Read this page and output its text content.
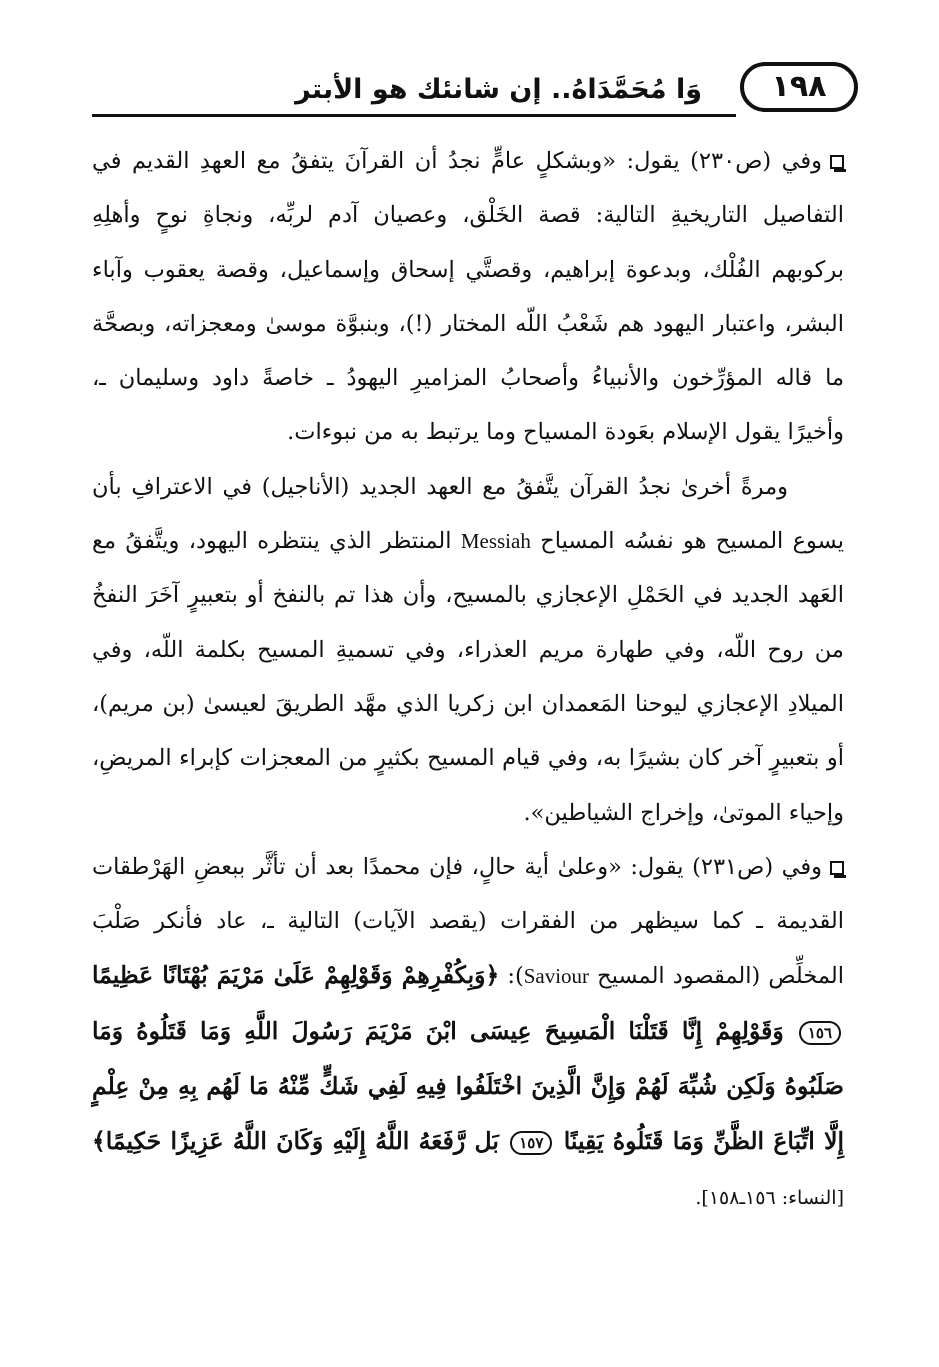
١٩٨
وَا مُحَمَّدَاهُ.. إن شانئك هو الأبتر

وفي (ص٢٣٠) يقول: «وبشكلٍ عامٍّ نجدُ أن القرآنَ يتفقُ مع العهدِ القديم في التفاصيل التاريخيةِ التالية: قصة الخَلْق، وعصيان آدم لربِّه، ونجاةِ نوحٍ وأهلِهِ بركوبهم الفُلْك، وبدعوة إبراهيم، وقصتَّي إسحاق وإسماعيل، وقصة يعقوب وآباء البشر، واعتبار اليهود هم شَعْبُ اللّه المختار (!)، وبنبوَّة موسىٰ ومعجزاته، وبصحَّة ما قاله المؤرِّخون والأنبياءُ وأصحابُ المزاميرِ اليهودُ ـ خاصةً داود وسليمان ـ، وأخيرًا يقول الإسلام بعَودة المسياح وما يرتبط به من نبوءات.

ومرةً أخرىٰ نجدُ القرآن يتَّفقُ مع العهد الجديد (الأناجيل) في الاعترافِ بأن يسوع المسيح هو نفسُه المسياح Messiah المنتظر الذي ينتظره اليهود، ويتَّفقُ مع العَهد الجديد في الحَمْلِ الإعجازي بالمسيح، وأن هذا تم بالنفخ أو بتعبيرٍ آخَرَ النفخُ من روح اللّه، وفي طهارة مريم العذراء، وفي تسميةِ المسيح بكلمة اللّه، وفي الميلادِ الإعجازي ليوحنا المَعمدان ابن زكريا الذي مهَّد الطريقَ لعيسىٰ (بن مريم)، أو بتعبيرٍ آخر كان بشيرًا به، وفي قيام المسيح بكثيرٍ من المعجزات كإبراء المريضِ، وإحياء الموتىٰ، وإخراج الشياطين».

وفي (ص٢٣١) يقول: «وعلىٰ أية حالٍ، فإن محمدًا بعد أن تأثَّر ببعضِ الهَرْطقات القديمة ـ كما سيظهر من الفقرات (يقصد الآيات) التالية ـ، عاد فأنكر صَلْبَ المخلِّص (المقصود المسيح Saviour): ﴿وَبِكُفْرِهِمْ وَقَوْلِهِمْ عَلَىٰ مَرْيَمَ بُهْتَانًا عَظِيمًا ١٥٦ وَقَوْلِهِمْ إِنَّا قَتَلْنَا الْمَسِيحَ عِيسَى ابْنَ مَرْيَمَ رَسُولَ اللَّهِ وَمَا قَتَلُوهُ وَمَا صَلَبُوهُ وَلَكِن شُبِّهَ لَهُمْ وَإِنَّ الَّذِينَ اخْتَلَفُوا فِيهِ لَفِي شَكٍّ مِّنْهُ مَا لَهُم بِهِ مِنْ عِلْمٍ إِلَّا اتِّبَاعَ الظَّنِّ وَمَا قَتَلُوهُ يَقِينًا ١٥٧ بَل رَّفَعَهُ اللَّهُ إِلَيْهِ وَكَانَ اللَّهُ عَزِيزًا حَكِيمًا﴾ [النساء: ١٥٦ـ١٥٨].
